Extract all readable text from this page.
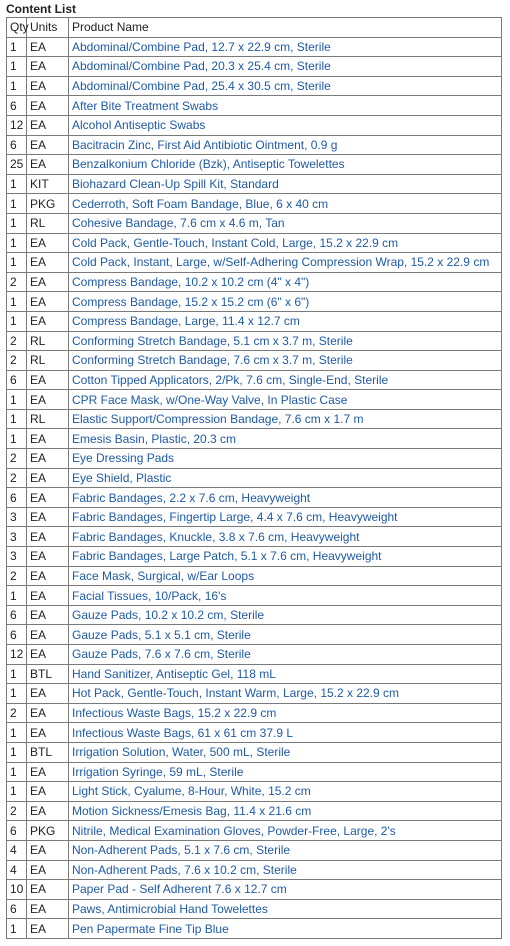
Content List
Qty	Units	Product Name
1	EA	Abdominal/Combine Pad, 12.7 x 22.9 cm, Sterile
1	EA	Abdominal/Combine Pad, 20.3 x 25.4 cm, Sterile
1	EA	Abdominal/Combine Pad, 25.4 x 30.5 cm, Sterile
6	EA	After Bite Treatment Swabs
12	EA	Alcohol Antiseptic Swabs
6	EA	Bacitracin Zinc, First Aid Antibiotic Ointment, 0.9 g
25	EA	Benzalkonium Chloride (Bzk), Antiseptic Towelettes
1	KIT	Biohazard Clean-Up Spill Kit, Standard
1	PKG	Cederroth, Soft Foam Bandage, Blue, 6 x 40 cm
1	RL	Cohesive Bandage, 7.6 cm x 4.6 m, Tan
1	EA	Cold Pack, Gentle-Touch, Instant Cold, Large, 15.2 x 22.9 cm
1	EA	Cold Pack, Instant, Large, w/Self-Adhering Compression Wrap, 15.2 x 22.9 cm
2	EA	Compress Bandage, 10.2 x 10.2 cm (4" x 4")
1	EA	Compress Bandage, 15.2 x 15.2 cm (6" x 6")
1	EA	Compress Bandage, Large, 11.4 x 12.7 cm
2	RL	Conforming Stretch Bandage, 5.1 cm x 3.7 m, Sterile
2	RL	Conforming Stretch Bandage, 7.6 cm x 3.7 m, Sterile
6	EA	Cotton Tipped Applicators, 2/Pk, 7.6 cm, Single-End, Sterile
1	EA	CPR Face Mask, w/One-Way Valve, In Plastic Case
1	RL	Elastic Support/Compression Bandage, 7.6 cm x 1.7 m
1	EA	Emesis Basin, Plastic, 20.3 cm
2	EA	Eye Dressing Pads
2	EA	Eye Shield, Plastic
6	EA	Fabric Bandages, 2.2 x 7.6 cm, Heavyweight
3	EA	Fabric Bandages, Fingertip Large, 4.4 x 7.6 cm, Heavyweight
3	EA	Fabric Bandages, Knuckle, 3.8 x 7.6 cm, Heavyweight
3	EA	Fabric Bandages, Large Patch, 5.1 x 7.6 cm, Heavyweight
2	EA	Face Mask, Surgical, w/Ear Loops
1	EA	Facial Tissues, 10/Pack, 16's
6	EA	Gauze Pads, 10.2 x 10.2 cm, Sterile
6	EA	Gauze Pads, 5.1 x 5.1 cm, Sterile
12	EA	Gauze Pads, 7.6 x 7.6 cm, Sterile
1	BTL	Hand Sanitizer, Antiseptic Gel, 118 mL
1	EA	Hot Pack, Gentle-Touch, Instant Warm, Large, 15.2 x 22.9 cm
2	EA	Infectious Waste Bags, 15.2 x 22.9 cm
1	EA	Infectious Waste Bags, 61 x 61 cm 37.9 L
1	BTL	Irrigation Solution, Water, 500 mL, Sterile
1	EA	Irrigation Syringe, 59 mL, Sterile
1	EA	Light Stick, Cyalume, 8-Hour, White, 15.2 cm
2	EA	Motion Sickness/Emesis Bag, 11.4 x 21.6 cm
6	PKG	Nitrile, Medical Examination Gloves, Powder-Free, Large, 2's
4	EA	Non-Adherent Pads, 5.1 x 7.6 cm, Sterile
4	EA	Non-Adherent Pads, 7.6 x 10.2 cm, Sterile
10	EA	Paper Pad - Self Adherent 7.6 x 12.7 cm
6	EA	Paws, Antimicrobial Hand Towelettes
1	EA	Pen Papermate Fine Tip Blue
